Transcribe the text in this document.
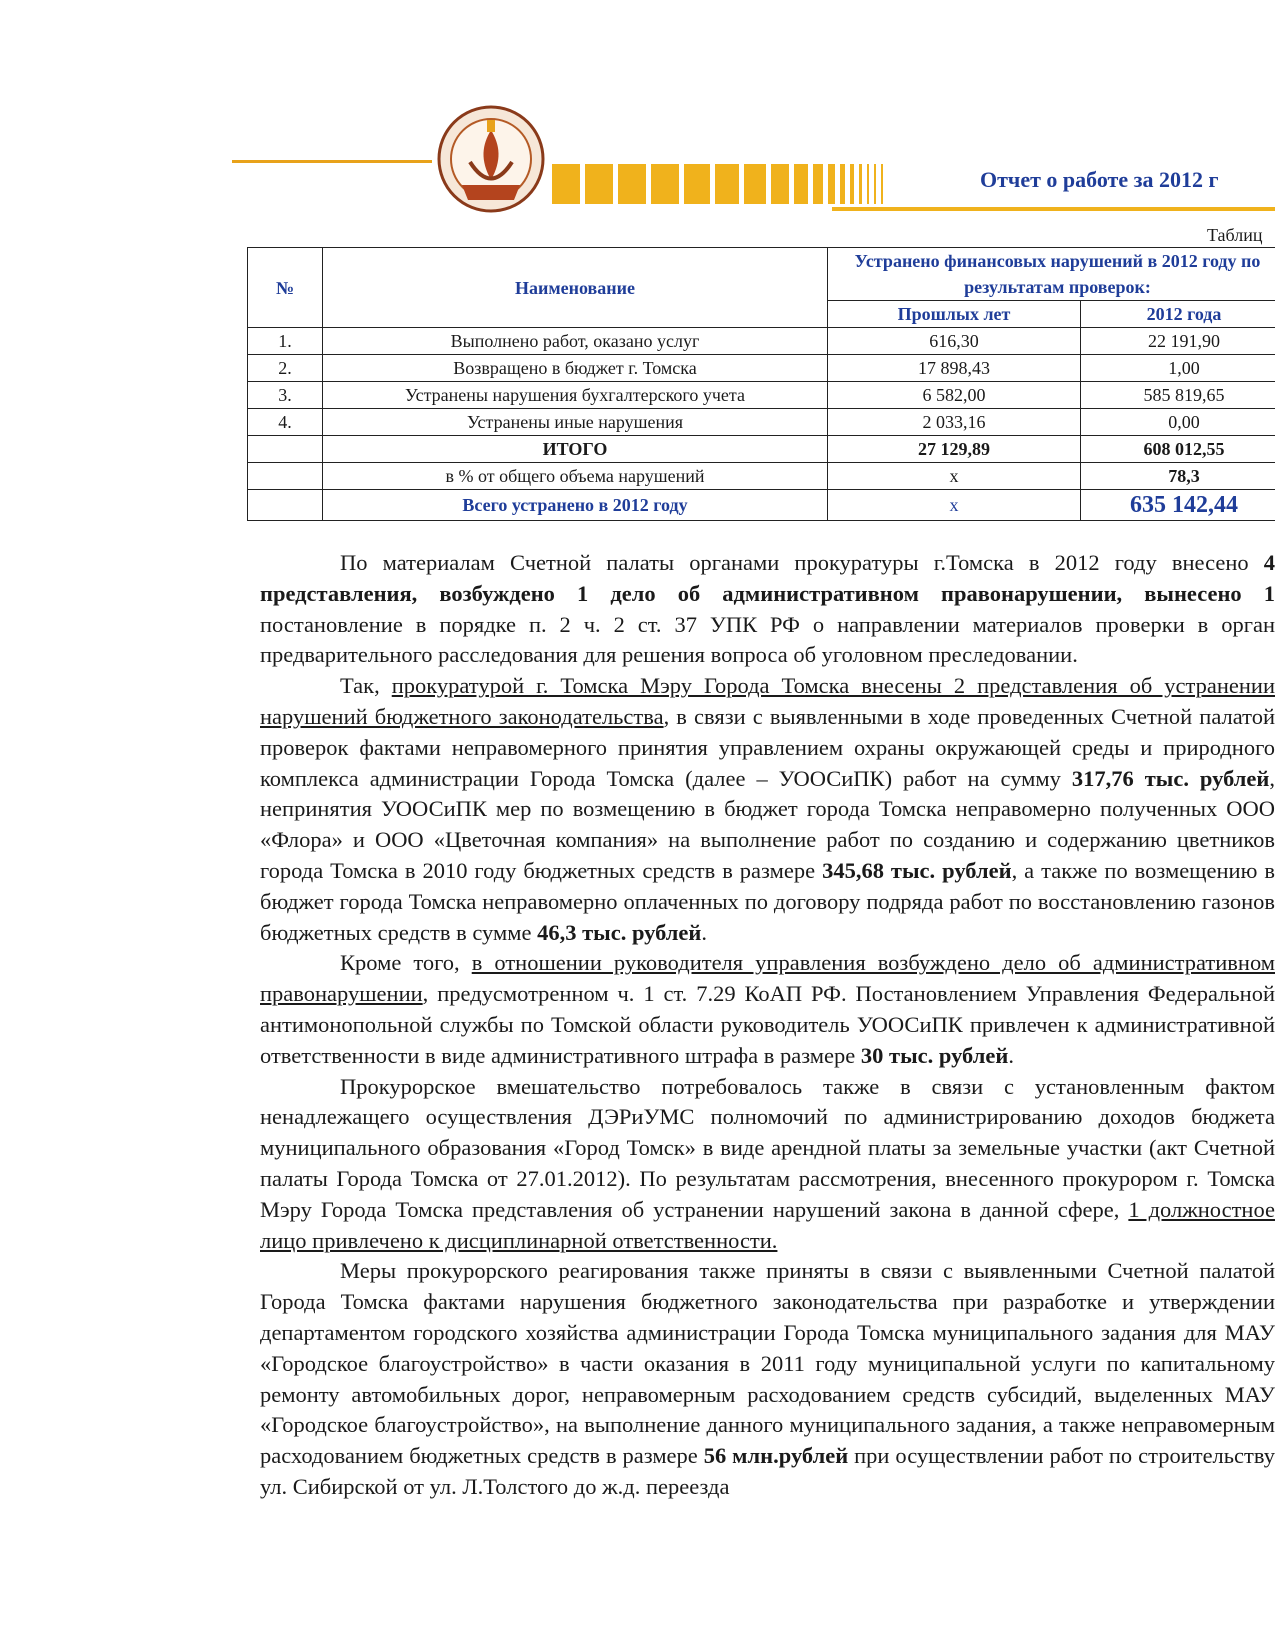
Отчет о работе за 2012 г
Таблиц
№	Наименование	Устранено финансовых нарушений в 2012 году по результатам проверок:	
		Прошлых лет	2012 года
1.	Выполнено работ, оказано услуг	616,30	22 191,90
2.	Возвращено в бюджет г. Томска	17 898,43	1,00
3.	Устранены нарушения бухгалтерского учета	6 582,00	585 819,65
4.	Устранены иные нарушения	2 033,16	0,00
	ИТОГО	27 129,89	608 012,55
	в % от общего объема нарушений	х	78,3
	Всего устранено в 2012 году	х	635 142,44

По материалам Счетной палаты органами прокуратуры г.Томска в 2012 году внесено 4 представления, возбуждено 1 дело об административном правонарушении, вынесено 1 постановление в порядке п. 2 ч. 2 ст. 37 УПК РФ о направлении материалов проверки в орган предварительного расследования для решения вопроса об уголовном преследовании.

Так, прокуратурой г. Томска Мэру Города Томска внесены 2 представления об устранении нарушений бюджетного законодательства, в связи с выявленными в ходе проведенных Счетной палатой проверок фактами неправомерного принятия управлением охраны окружающей среды и природного комплекса администрации Города Томска (далее – УООСиПК) работ на сумму 317,76 тыс. рублей, непринятия УООСиПК мер по возмещению в бюджет города Томска неправомерно полученных ООО «Флора» и ООО «Цветочная компания» на выполнение работ по созданию и содержанию цветников города Томска в 2010 году бюджетных средств в размере 345,68 тыс. рублей, а также по возмещению в бюджет города Томска неправомерно оплаченных по договору подряда работ по восстановлению газонов бюджетных средств в сумме 46,3 тыс. рублей.

Кроме того, в отношении руководителя управления возбуждено дело об административном правонарушении, предусмотренном ч. 1 ст. 7.29 КоАП РФ. Постановлением Управления Федеральной антимонопольной службы по Томской области руководитель УООСиПК привлечен к административной ответственности в виде административного штрафа в размере 30 тыс. рублей.

Прокурорское вмешательство потребовалось также в связи с установленным фактом ненадлежащего осуществления ДЭРиУМС полномочий по администрированию доходов бюджета муниципального образования «Город Томск» в виде арендной платы за земельные участки (акт Счетной палаты Города Томска от 27.01.2012). По результатам рассмотрения, внесенного прокурором г. Томска Мэру Города Томска представления об устранении нарушений закона в данной сфере, 1 должностное лицо привлечено к дисциплинарной ответственности.

Меры прокурорского реагирования также приняты в связи с выявленными Счетной палатой Города Томска фактами нарушения бюджетного законодательства при разработке и утверждении департаментом городского хозяйства администрации Города Томска муниципального задания для МАУ «Городское благоустройство» в части оказания в 2011 году муниципальной услуги по капитальному ремонту автомобильных дорог, неправомерным расходованием средств субсидий, выделенных МАУ «Городское благоустройство», на выполнение данного муниципального задания, а также неправомерным расходованием бюджетных средств в размере 56 млн.рублей при осуществлении работ по строительству ул. Сибирской от ул. Л.Толстого до ж.д. переезда
